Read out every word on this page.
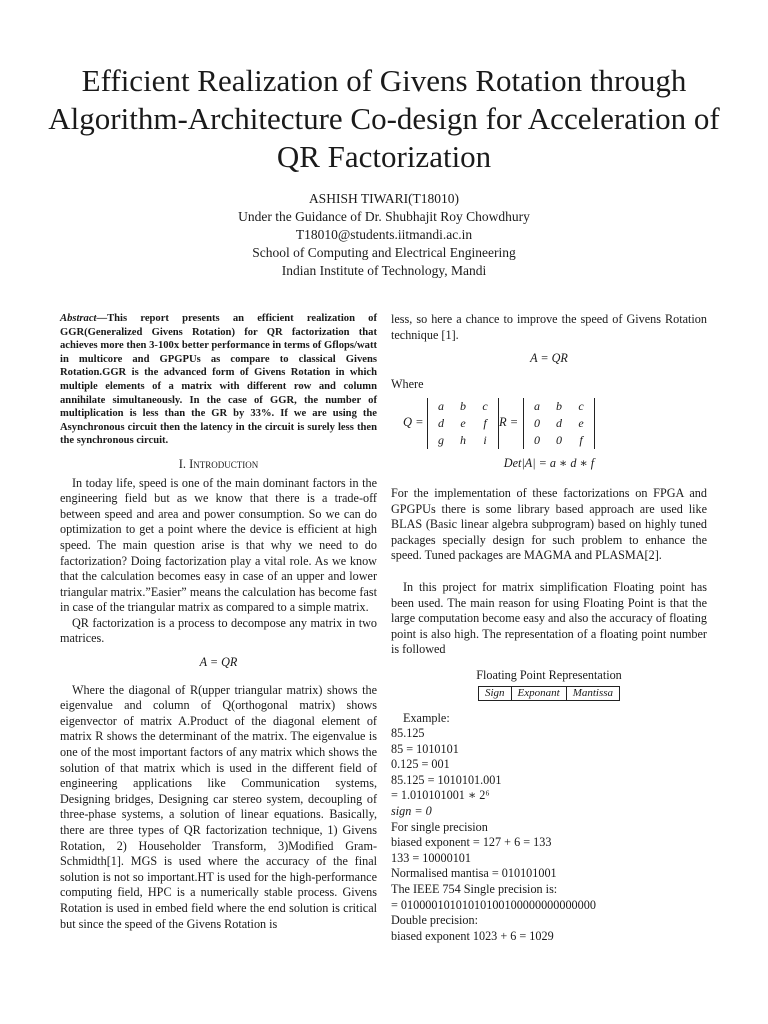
Efficient Realization of Givens Rotation through Algorithm-Architecture Co-design for Acceleration of QR Factorization
ASHISH TIWARI(T18010)
Under the Guidance of Dr. Shubhajit Roy Chowdhury
T18010@students.iitmandi.ac.in
School of Computing and Electrical Engineering
Indian Institute of Technology, Mandi

Abstract—This report presents an efficient realization of GGR(Generalized Givens Rotation) for QR factorization that achieves more then 3-100x better performance in terms of Gflops/watt in multicore and GPGPUs as compare to classical Givens Rotation.GGR is the advanced form of Givens Rotation in which multiple elements of a matrix with different row and column annihilate simultaneously. In the case of GGR, the number of multiplication is less than the GR by 33%. If we are using the Asynchronous circuit then the latency in the circuit is surely less then the synchronous circuit.

I. Introduction

In today life, speed is one of the main dominant factors in the engineering field but as we know that there is a trade-off between speed and area and power consumption. So we can do optimization to get a point where the device is efficient at high speed. The main question arise is that why we need to do factorization? Doing factorization play a vital role. As we know that the calculation becomes easy in case of an upper and lower triangular matrix.”Easier” means the calculation has become fast in case of the triangular matrix as compared to a simple matrix.

QR factorization is a process to decompose any matrix in two matrices.

A = QR

Where the diagonal of R(upper triangular matrix) shows the eigenvalue and column of Q(orthogonal matrix) shows eigenvector of matrix A.Product of the diagonal element of matrix R shows the determinant of the matrix. The eigenvalue is one of the most important factors of any matrix which shows the solution of that matrix which is used in the different field of engineering applications like Communication systems, Designing bridges, Designing car stereo system, decoupling of three-phase systems, a solution of linear equations. Basically, there are three types of QR factorization technique, 1) Givens Rotation, 2) Householder Transform, 3)Modified Gram-Schmidth[1]. MGS is used where the accuracy of the final solution is not so important.HT is used for the high-performance computing field, HPC is a numerically stable process. Givens Rotation is used in embed field where the end solution is critical but since the speed of the Givens Rotation is

less, so here a chance to improve the speed of Givens Rotation technique [1].

A = QR

Where

Q =
a	b	c
d	e	f
g	h	i
R =
a	b	c
0	d	e
0	0	f
Det|A| = a ∗ d ∗ f

For the implementation of these factorizations on FPGA and GPGPUs there is some library based approach are used like BLAS (Basic linear algebra subprogram) based on highly tuned packages specially design for such problem to enhance the speed. Tuned packages are MAGMA and PLASMA[2].

In this project for matrix simplification Floating point has been used. The main reason for using Floating Point is that the large computation become easy and also the accuracy of floating point is also high. The representation of a floating point number is followed

Floating Point Representation
Sign	Exponant	Mantissa
Example:
85.125
85 = 1010101
0.125 = 001
85.125 = 1010101.001
= 1.010101001 ∗ 2⁶
sign = 0
For single precision
biased exponent = 127 + 6 = 133
133 = 10000101
Normalised mantisa = 010101001
The IEEE 754 Single precision is:
= 01000010101010100100000000000000
Double precision:
biased exponent 1023 + 6 = 1029
